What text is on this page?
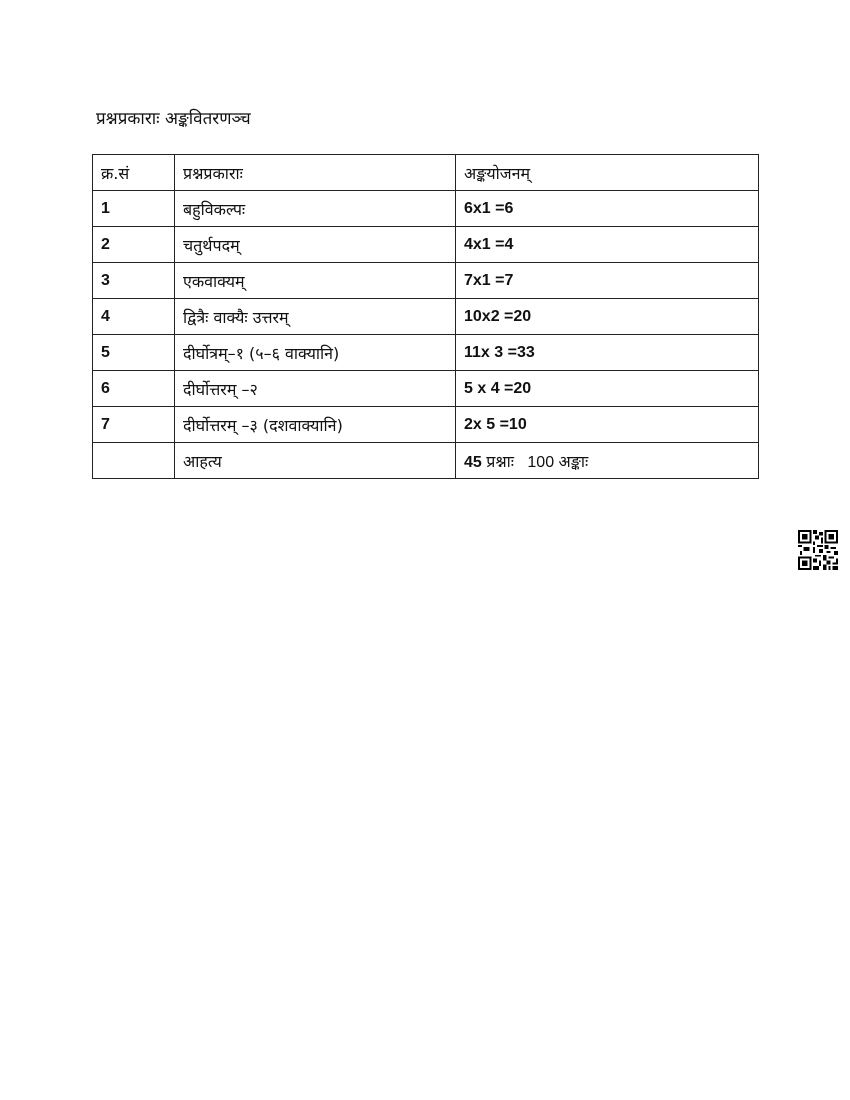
प्रश्नप्रकाराः अङ्कवितरणञ्च
क्र.सं	प्रश्नप्रकाराः	अङ्कयोजनम्
1	बहुविकल्पः	6x1 =6
2	चतुर्थपदम्	4x1 =4
3	एकवाक्यम्	7x1 =7
4	द्वित्रैः वाक्यैः उत्तरम्	10x2 =20
5	दीर्घोत्रम्–१ (५–६ वाक्यानि)	11x 3 =33
6	दीर्घोत्तरम् –२	5 x 4 =20
7	दीर्घोत्तरम् –३ (दशवाक्यानि)	2x 5 =10
	आहत्य	45 प्रश्नाः 100 अङ्काः
